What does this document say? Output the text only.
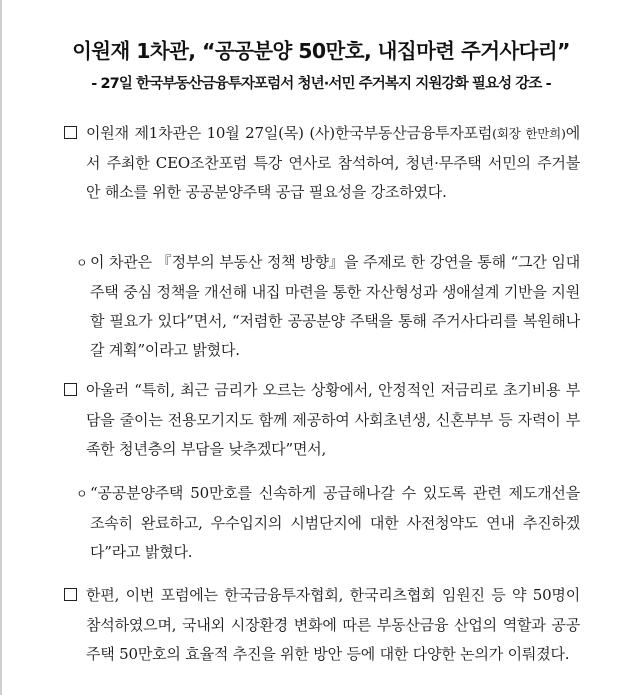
이원재 1차관, “공공분양 50만호, 내집마련 주거사다리”
- 27일 한국부동산금융투자포럼서 청년·서민 주거복지 지원강화 필요성 강조 -
이원재 제1차관은 10월 27일(목) (사)한국부동산금융투자포럼(회장 한만희)에서 주최한 CEO조찬포럼 특강 연사로 참석하여, 청년·무주택 서민의 주거불안 해소를 위한 공공분양주택 공급 필요성을 강조하였다.
ㅇ 이 차관은 『정부의 부동산 정책 방향』을 주제로 한 강연을 통해 “그간 임대주택 중심 정책을 개선해 내집 마련을 통한 자산형성과 생애설계 기반을 지원할 필요가 있다”면서, “저렴한 공공분양 주택을 통해 주거사다리를 복원해나갈 계획”이라고 밝혔다.
아울러 “특히, 최근 금리가 오르는 상황에서, 안정적인 저금리로 초기비용 부담을 줄이는 전용모기지도 함께 제공하여 사회초년생, 신혼부부 등 자력이 부족한 청년층의 부담을 낮추겠다”면서,
ㅇ “공공분양주택 50만호를 신속하게 공급해나갈 수 있도록 관련 제도개선을 조속히 완료하고, 우수입지의 시범단지에 대한 사전청약도 연내 추진하겠다”라고 밝혔다.
한편, 이번 포럼에는 한국금융투자협회, 한국리츠협회 임원진 등 약 50명이 참석하였으며, 국내외 시장환경 변화에 따른 부동산금융 산업의 역할과 공공주택 50만호의 효율적 추진을 위한 방안 등에 대한 다양한 논의가 이뤄졌다.
